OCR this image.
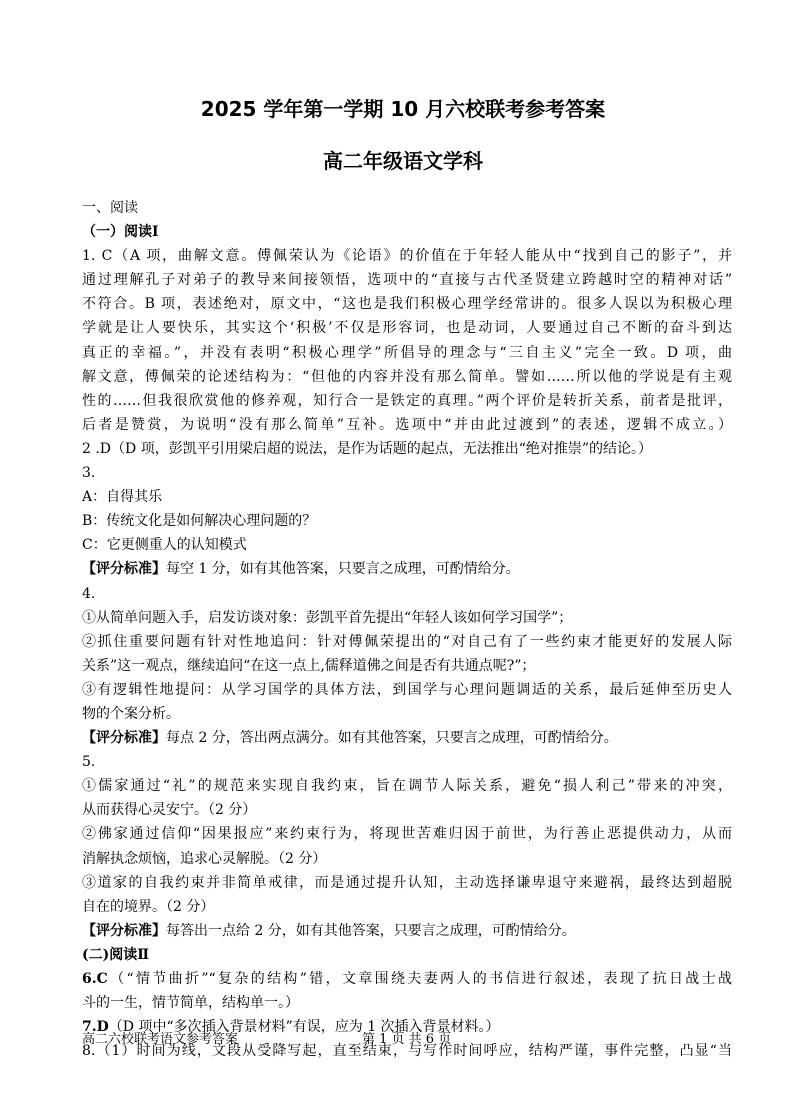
2025 学年第一学期 10 月六校联考参考答案
高二年级语文学科
一、阅读
（一）阅读Ⅰ
1. C（A 项，曲解文意。傅佩荣认为《论语》的价值在于年轻人能从中“找到自己的影子”，并
通过理解孔子对弟子的教导来间接领悟，选项中的“直接与古代圣贤建立跨越时空的精神对话”
不符合。B 项，表述绝对，原文中，“这也是我们积极心理学经常讲的。很多人误以为积极心理
学就是让人要快乐，其实这个‘积极’不仅是形容词，也是动词，人要通过自己不断的奋斗到达
真正的幸福。”，并没有表明“积极心理学”所倡导的理念与“三自主义”完全一致。D 项，曲
解文意，傅佩荣的论述结构为：“但他的内容并没有那么简单。譬如……所以他的学说是有主观
性的……但我很欣赏他的修养观，知行合一是铁定的真理。”两个评价是转折关系，前者是批评，
后者是赞赏，为说明“没有那么简单”互补。选项中“并由此过渡到”的表述，逻辑不成立。）
2 .D（D 项，彭凯平引用梁启超的说法，是作为话题的起点，无法推出“绝对推崇”的结论。）
3.
A：自得其乐
B：传统文化是如何解决心理问题的？
C：它更侧重人的认知模式
【评分标准】每空 1 分，如有其他答案，只要言之成理，可酌情给分。
4.
①从简单问题入手，启发访谈对象：彭凯平首先提出“年轻人该如何学习国学”；
②抓住重要问题有针对性地追问：针对傅佩荣提出的“对自己有了一些约束才能更好的发展人际
关系”这一观点，继续追问“在这一点上,儒释道佛之间是否有共通点呢?”；
③有逻辑性地提问：从学习国学的具体方法，到国学与心理问题调适的关系，最后延伸至历史人
物的个案分析。
【评分标准】每点 2 分，答出两点满分。如有其他答案，只要言之成理，可酌情给分。
5.
①儒家通过“礼”的规范来实现自我约束，旨在调节人际关系，避免“损人利己”带来的冲突，
从而获得心灵安宁。（2 分）
②佛家通过信仰“因果报应”来约束行为，将现世苦难归因于前世，为行善止恶提供动力，从而
消解执念烦恼，追求心灵解脱。（2 分）
③道家的自我约束并非简单戒律，而是通过提升认知，主动选择谦卑退守来避祸，最终达到超脱
自在的境界。（2 分）
【评分标准】每答出一点给 2 分，如有其他答案，只要言之成理，可酌情给分。
(二)阅读Ⅱ
6.C（“情节曲折”“复杂的结构”错，文章围绕夫妻两人的书信进行叙述，表现了抗日战士战
斗的一生，情节简单，结构单一。）
7.D（D 项中“多次插入背景材料”有误，应为 1 次插入背景材料。）
8.（1）时间为线，文段从受降写起，直至结束，与写作时间呼应，结构严谨，事件完整，凸显“当
高二六校联考语文参考答案	第 1 页 共 6 页
